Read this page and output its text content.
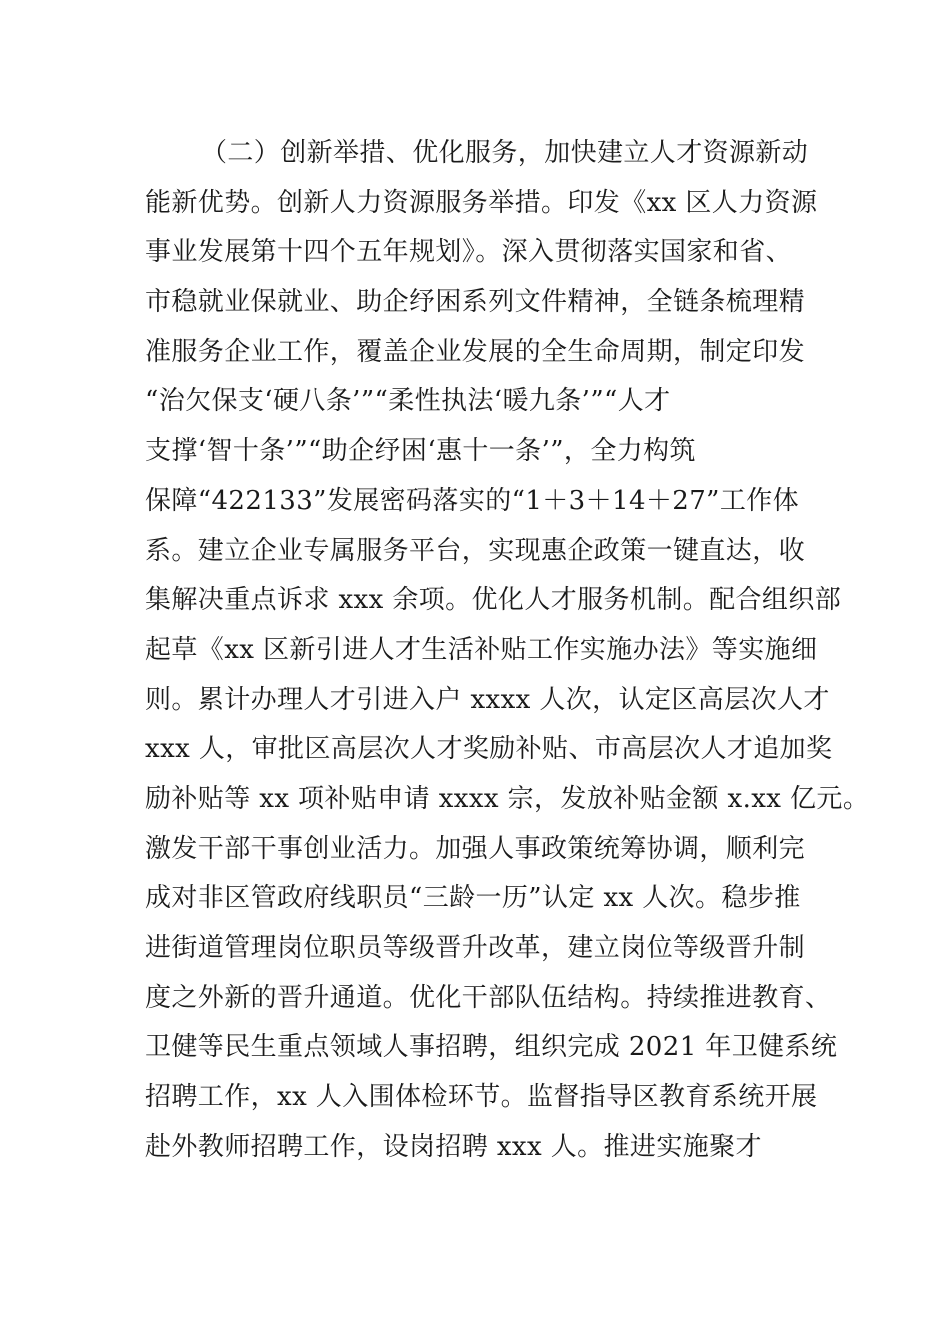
（二）创新举措、优化服务，加快建立人才资源新动
能新优势。创新人力资源服务举措。印发《xx 区人力资源
事业发展第十四个五年规划》。深入贯彻落实国家和省、
市稳就业保就业、助企纾困系列文件精神，全链条梳理精
准服务企业工作，覆盖企业发展的全生命周期，制定印发
“治欠保支‘硬八条’”“柔性执法‘暖九条’”“人才
支撑‘智十条’”“助企纾困‘惠十一条’”，全力构筑
保障“422133”发展密码落实的“1＋3＋14＋27”工作体
系。建立企业专属服务平台，实现惠企政策一键直达，收
集解决重点诉求 xxx 余项。优化人才服务机制。配合组织部
起草《xx 区新引进人才生活补贴工作实施办法》等实施细
则。累计办理人才引进入户 xxxx 人次，认定区高层次人才
xxx 人，审批区高层次人才奖励补贴、市高层次人才追加奖
励补贴等 xx 项补贴申请 xxxx 宗，发放补贴金额 x.xx 亿元。
激发干部干事创业活力。加强人事政策统筹协调，顺利完
成对非区管政府线职员“三龄一历”认定 xx 人次。稳步推
进街道管理岗位职员等级晋升改革，建立岗位等级晋升制
度之外新的晋升通道。优化干部队伍结构。持续推进教育、
卫健等民生重点领域人事招聘，组织完成 2021 年卫健系统
招聘工作，xx 人入围体检环节。监督指导区教育系统开展
赴外教师招聘工作，设岗招聘 xxx 人。推进实施聚才
